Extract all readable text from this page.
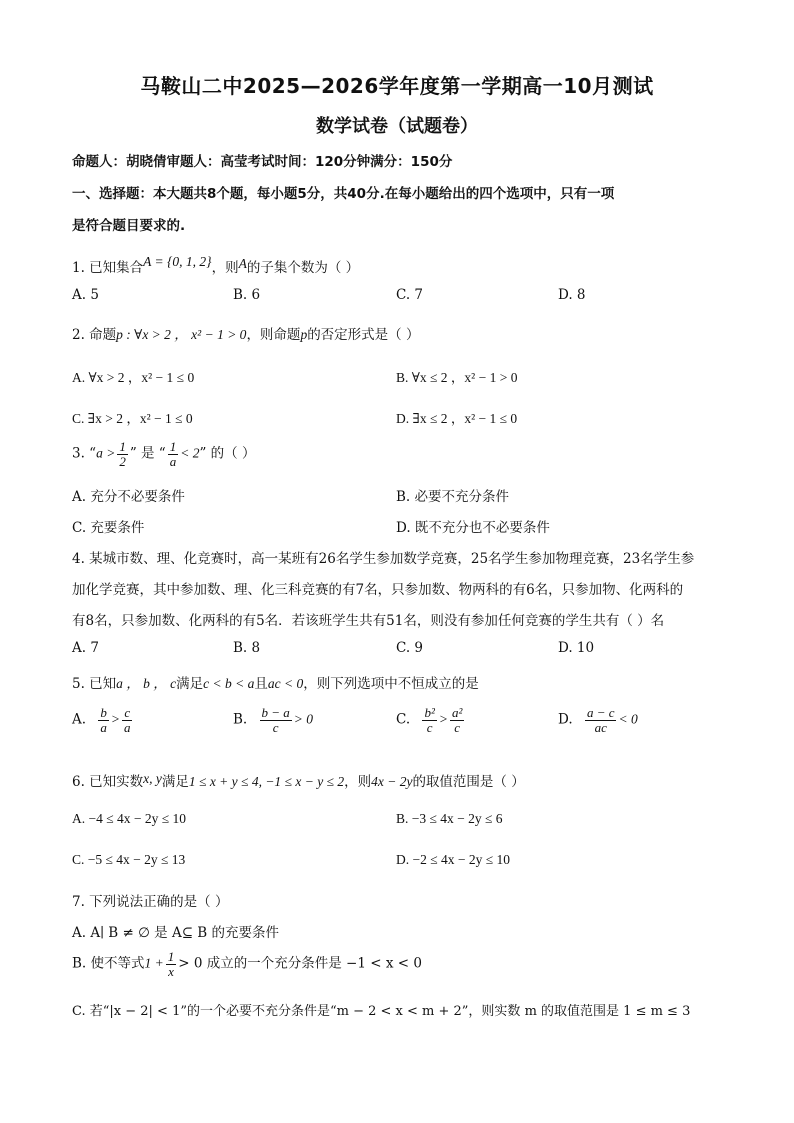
马鞍山二中2025—2026学年度第一学期高一10月测试
数学试卷（试题卷）
命题人：胡晓倩审题人：高莹考试时间：120分钟满分：150分
一、选择题：本大题共8个题，每小题5分，共40分.在每小题给出的四个选项中，只有一项
是符合题目要求的.
1. 已知集合A = {0, 1, 2}，则A的子集个数为（ ）
A. 5	B. 6	C. 7	D. 8
2. 命题p : ∀x > 2 ， x² − 1 > 0，则命题p的否定形式是（ ）
A. ∀x > 2 ，x² − 1 ≤ 0	B. ∀x ≤ 2 ，x² − 1 > 0
C. ∃x > 2 ，x² − 1 ≤ 0	D. ∃x ≤ 2 ，x² − 1 ≤ 0
3. “$a > \frac{1}{2}$ ” 是 “ $\frac{1}{a} < 2$” 的（ ）
A. 充分不必要条件	B. 必要不充分条件
C. 充要条件	D. 既不充分也不必要条件
4. 某城市数、理、化竞赛时，高一某班有26名学生参加数学竞赛，25名学生参加物理竞赛，23名学生参
加化学竞赛，其中参加数、理、化三科竞赛的有7名，只参加数、物两科的有6名，只参加物、化两科的
有8名，只参加数、化两科的有5名．若该班学生共有51名，则没有参加任何竞赛的学生共有（ ）名
A. 7	B. 8	C. 9	D. 10
5. 已知a ， b ， c满足c < b < a且ac < 0，则下列选项中不恒成立的是
A. $\frac{b}{a} > \frac{c}{a}$	B. $\frac{b - a}{c} > 0$	C. $\frac{\text{b²}}{c} > \frac{\text{a²}}{c}$	D. $\frac{a - c}{ac} < 0$
6. 已知实数x, y满足1 ≤ x + y ≤ 4, −1 ≤ x − y ≤ 2，则4x − 2y的取值范围是（ ）
A. −4 ≤ 4x − 2y ≤ 10	B. −3 ≤ 4x − 2y ≤ 6
C. −5 ≤ 4x − 2y ≤ 13	D. −2 ≤ 4x − 2y ≤ 10
7. 下列说法正确的是（ ）
A. A∣ B ≠ ∅ 是 A⊆ B 的充要条件
B. 使不等式$1 + \frac{1}{x} > 0$ 成立的一个充分条件是 −1 < x < 0
C. 若“|x − 2| < 1”的一个必要不充分条件是“m − 2 < x < m + 2”，则实数 m 的取值范围是 1 ≤ m ≤ 3
